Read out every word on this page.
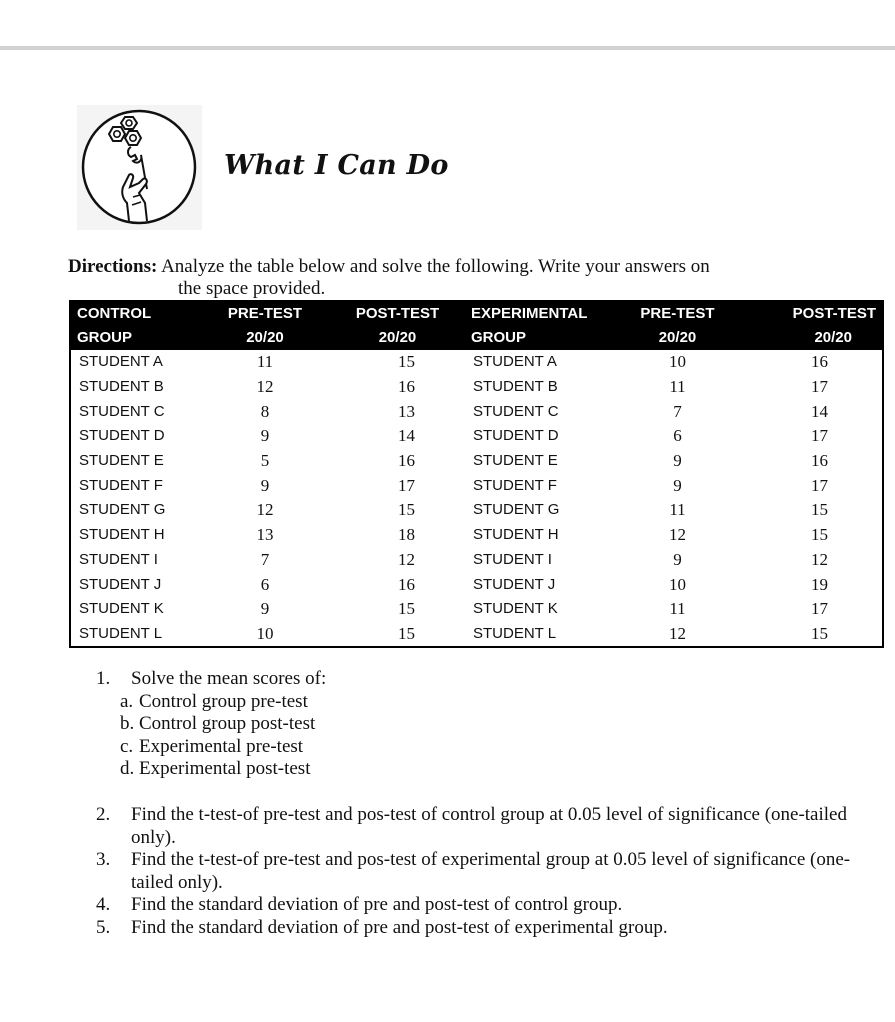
What I Can Do
Directions: Analyze the table below and solve the following. Write your answers on
the space provided.
CONTROL	PRE-TEST	POST-TEST	EXPERIMENTAL	PRE-TEST	POST-TEST
GROUP	20/20	20/20	GROUP	20/20	20/20
STUDENT A	11	15	STUDENT A	10	16
STUDENT B	12	16	STUDENT B	11	17
STUDENT C	8	13	STUDENT C	7	14
STUDENT D	9	14	STUDENT D	6	17
STUDENT E	5	16	STUDENT E	9	16
STUDENT F	9	17	STUDENT F	9	17
STUDENT G	12	15	STUDENT G	11	15
STUDENT H	13	18	STUDENT H	12	15
STUDENT I	7	12	STUDENT I	9	12
STUDENT J	6	16	STUDENT J	10	19
STUDENT K	9	15	STUDENT K	11	17
STUDENT L	10	15	STUDENT L	12	15
1.	Solve the mean scores of:
a. Control group pre-test
b. Control group post-test
c. Experimental pre-test
d. Experimental post-test
2.	Find the t-test-of pre-test and pos-test of control group at 0.05 level of significance (one-tailed only).
3.	Find the t-test-of pre-test and pos-test of experimental group at 0.05 level of significance (one-tailed only).
4.	Find the standard deviation of pre and post-test of control group.
5.	Find the standard deviation of pre and post-test of experimental group.
